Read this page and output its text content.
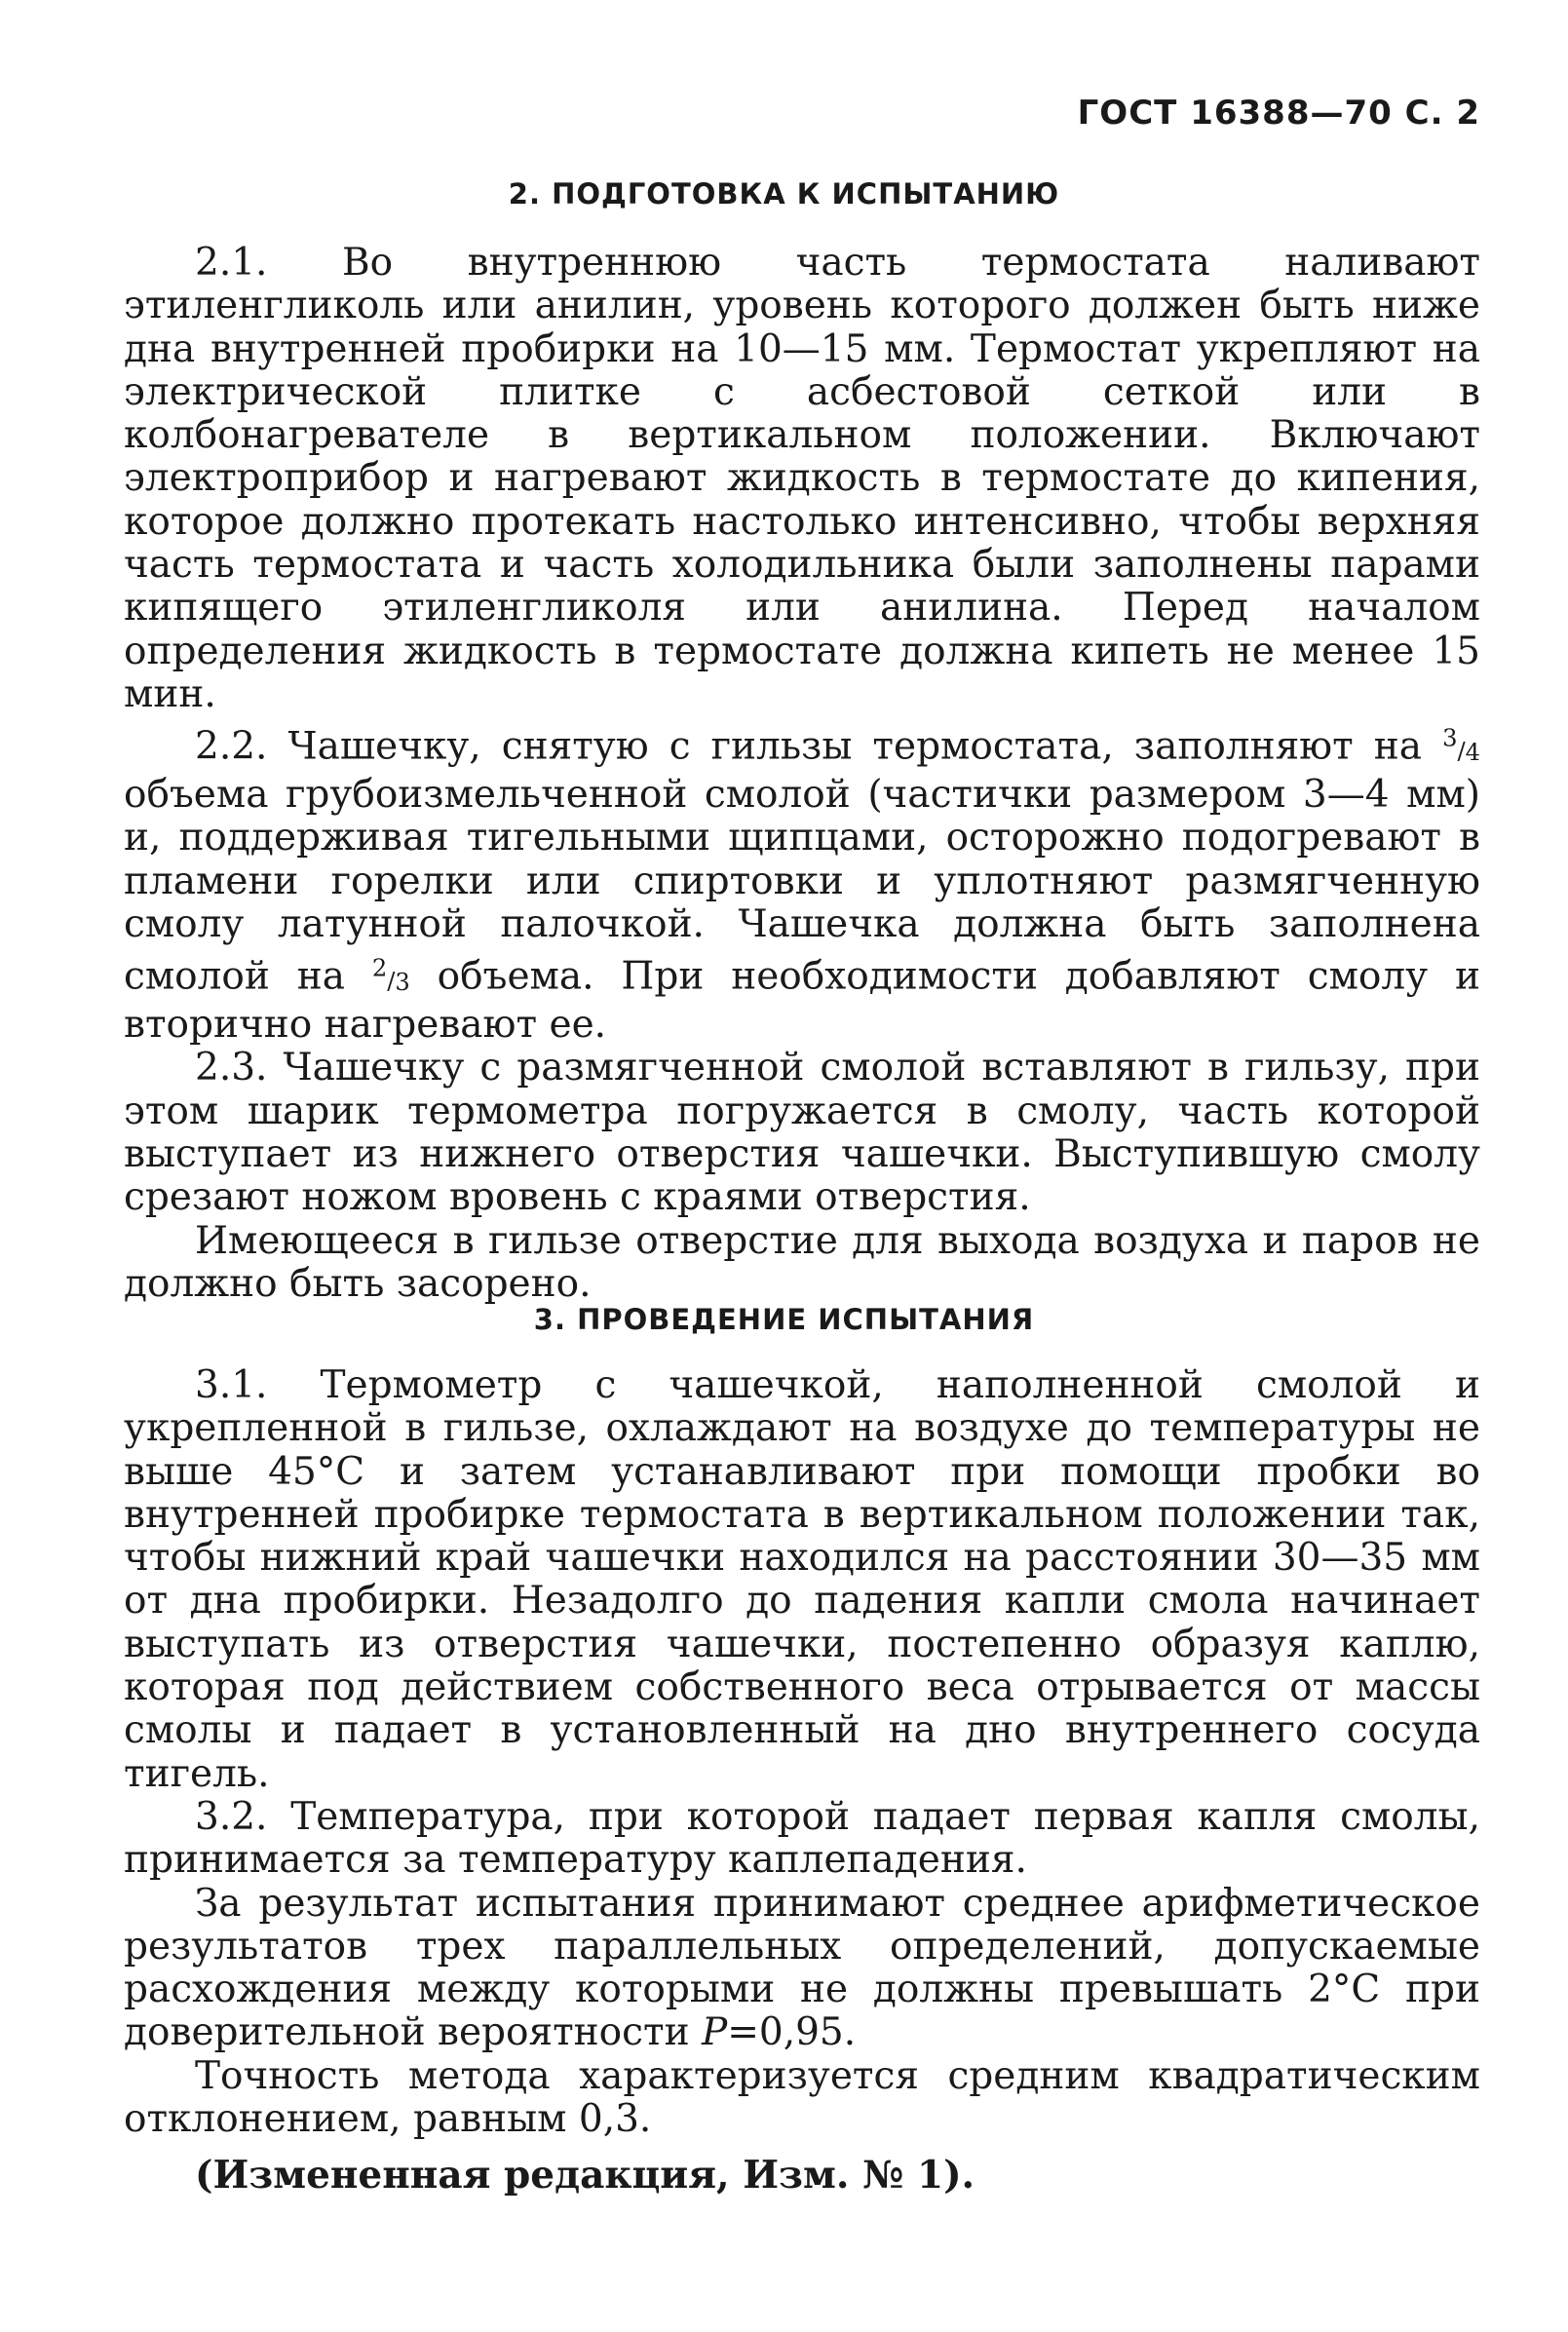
ГОСТ 16388—70 С. 2
2. ПОДГОТОВКА К ИСПЫТАНИЮ

2.1. Во внутреннюю часть термостата наливают этиленгликоль или анилин, уровень которого должен быть ниже дна внутренней пробирки на 10—15 мм. Термостат укрепляют на электрической плитке с асбестовой сеткой или в колбонагревателе в вертикальном положении. Включают электроприбор и нагревают жидкость в термостате до кипения, которое должно протекать настолько интенсивно, чтобы верхняя часть термостата и часть холодильника были заполнены парами кипящего этиленгликоля или анилина. Перед началом определения жидкость в термостате должна кипеть не менее 15 мин.

2.2. Чашечку, снятую с гильзы термостата, заполняют на 3/4 объема грубоизмельченной смолой (частички размером 3—4 мм) и, поддерживая тигельными щипцами, осторожно подогревают в пламени горелки или спиртовки и уплотняют размягченную смолу латунной палочкой. Чашечка должна быть заполнена смолой на 2/3 объема. При необходимости добавляют смолу и вторично нагревают ее.

2.3. Чашечку с размягченной смолой вставляют в гильзу, при этом шарик термометра погружается в смолу, часть которой выступает из нижнего отверстия чашечки. Выступившую смолу срезают ножом вровень с краями отверстия.

Имеющееся в гильзе отверстие для выхода воздуха и паров не должно быть засорено.

3. ПРОВЕДЕНИЕ ИСПЫТАНИЯ

3.1. Термометр с чашечкой, наполненной смолой и укрепленной в гильзе, охлаждают на воздухе до температуры не выше 45°С и затем устанавливают при помощи пробки во внутренней пробирке термостата в вертикальном положении так, чтобы нижний край чашечки находился на расстоянии 30—35 мм от дна пробирки. Незадолго до падения капли смола начинает выступать из отверстия чашечки, постепенно образуя каплю, которая под действием собственного веса отрывается от массы смолы и падает в установленный на дно внутреннего сосуда тигель.

3.2. Температура, при которой падает первая капля смолы, принимается за температуру каплепадения.

За результат испытания принимают среднее арифметическое результатов трех параллельных определений, допускаемые расхождения между которыми не должны превышать 2°С при доверительной вероятности P=0,95.

Точность метода характеризуется средним квадратическим отклонением, равным 0,3.

(Измененная редакция, Изм. № 1).
